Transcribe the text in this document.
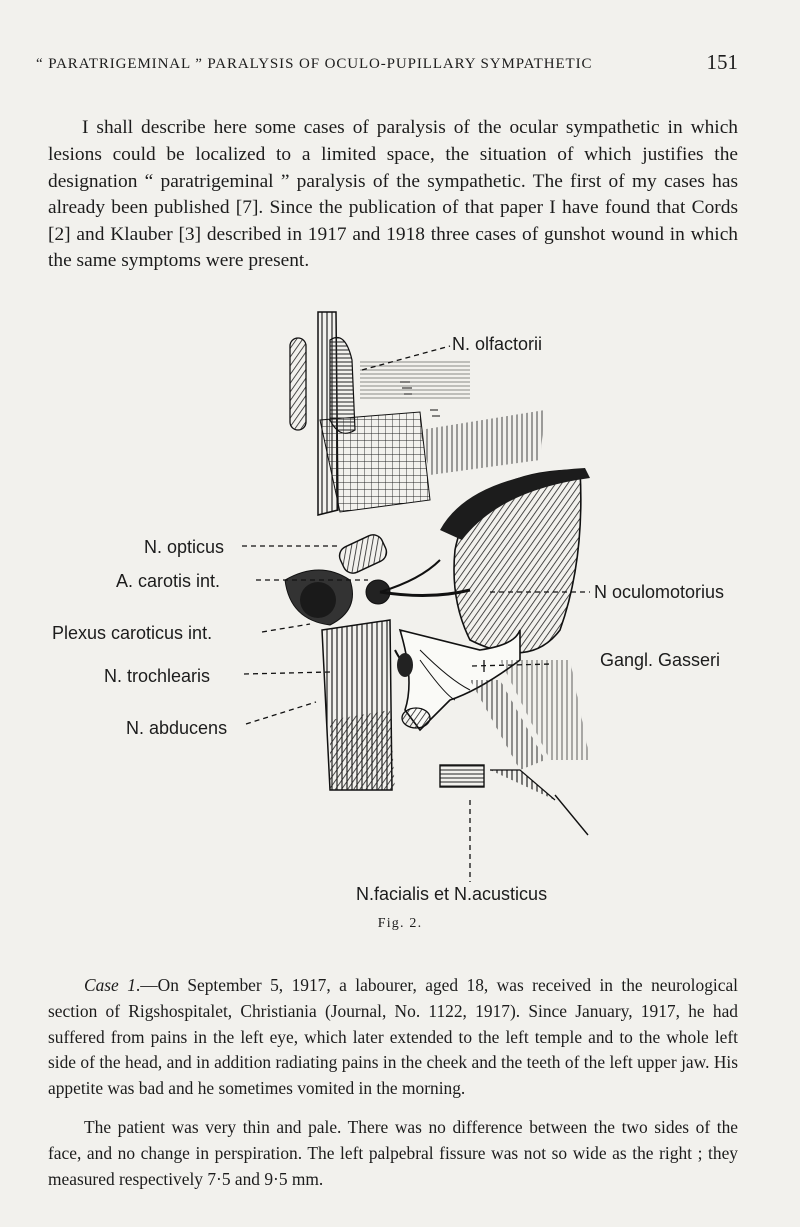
“ PARATRIGEMINAL ” PARALYSIS OF OCULO-PUPILLARY SYMPATHETIC	151

I shall describe here some cases of paralysis of the ocular sympathetic in which lesions could be localized to a limited space, the situation of which justifies the designation “ paratrigeminal ” paralysis of the sympathetic. The first of my cases has already been published [7]. Since the publication of that paper I have found that Cords [2] and Klauber [3] described in 1917 and 1918 three cases of gunshot wound in which the same symptoms were present.

N. olfactorii
N. opticus
A. carotis int.
Plexus caroticus int.
N. trochlearis
N. abducens
N oculomotorius
Gangl. Gasseri
N.facialis et N.acusticus
Fig. 2.

Case 1.—On September 5, 1917, a labourer, aged 18, was received in the neurological section of Rigshospitalet, Christiania (Journal, No. 1122, 1917). Since January, 1917, he had suffered from pains in the left eye, which later extended to the left temple and to the whole left side of the head, and in addition radiating pains in the cheek and the teeth of the left upper jaw. His appetite was bad and he sometimes vomited in the morning.

The patient was very thin and pale. There was no difference between the two sides of the face, and no change in perspiration. The left palpebral fissure was not so wide as the right ; they measured respectively 7·5 and 9·5 mm.
